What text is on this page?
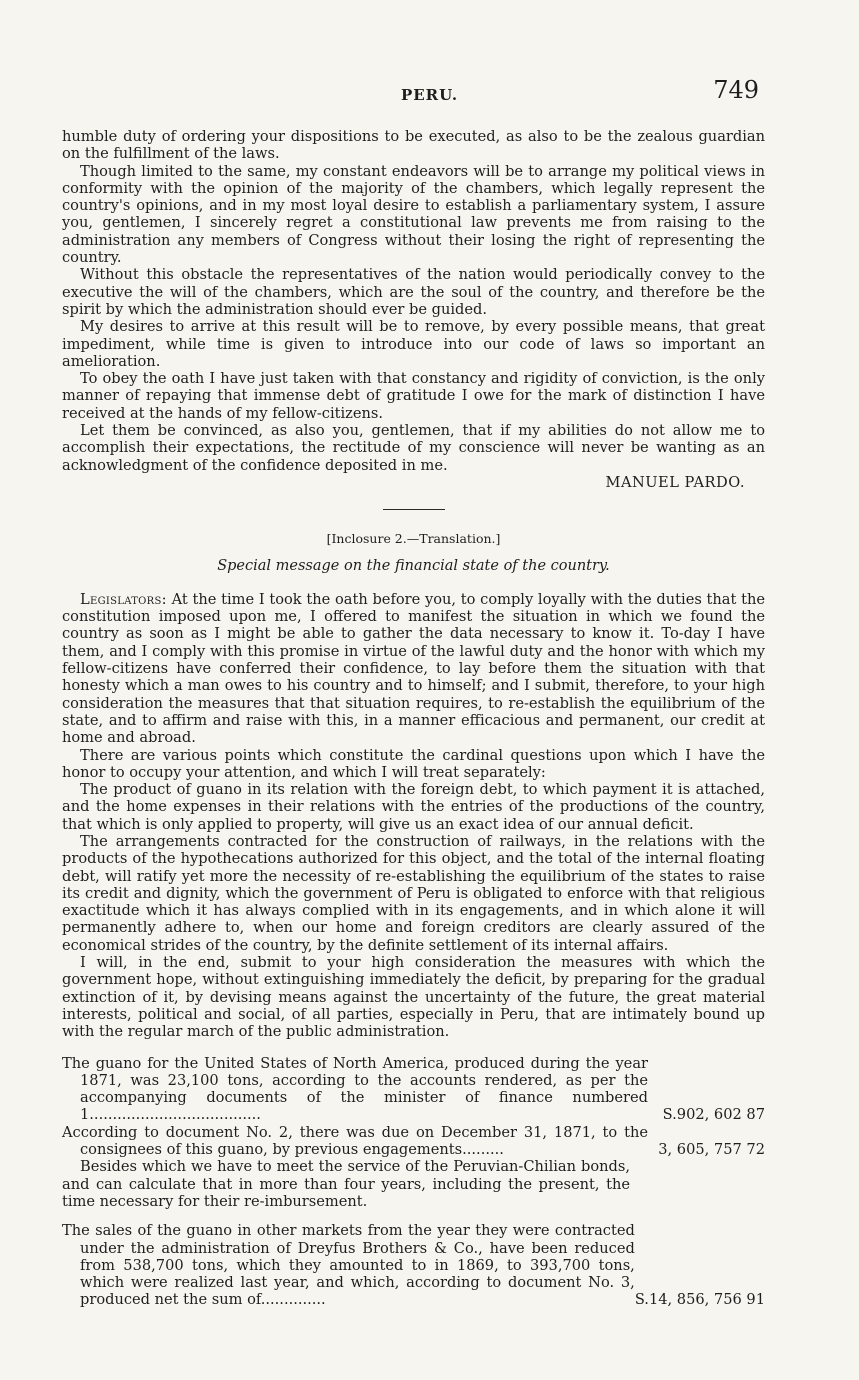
PERU.	749

humble duty of ordering your dispositions to be executed, as also to be the zealous guardian on the fulfillment of the laws.

Though limited to the same, my constant endeavors will be to arrange my political views in conformity with the opinion of the majority of the chambers, which legally represent the country's opinions, and in my most loyal desire to establish a parliamentary system, I assure you, gentlemen, I sincerely regret a constitutional law prevents me from raising to the administration any members of Congress without their losing the right of representing the country.

Without this obstacle the representatives of the nation would periodically convey to the executive the will of the chambers, which are the soul of the country, and therefore be the spirit by which the administration should ever be guided.

My desires to arrive at this result will be to remove, by every possible means, that great impediment, while time is given to introduce into our code of laws so important an amelioration.

To obey the oath I have just taken with that constancy and rigidity of conviction, is the only manner of repaying that immense debt of gratitude I owe for the mark of distinction I have received at the hands of my fellow-citizens.

Let them be convinced, as also you, gentlemen, that if my abilities do not allow me to accomplish their expectations, the rectitude of my conscience will never be wanting as an acknowledgment of the confidence deposited in me.

MANUEL PARDO.

[Inclosure 2.—Translation.]

Special message on the financial state of the country.

Legislators: At the time I took the oath before you, to comply loyally with the duties that the constitution imposed upon me, I offered to manifest the situation in which we found the country as soon as I might be able to gather the data necessary to know it. To-day I have them, and I comply with this promise in virtue of the lawful duty and the honor with which my fellow-citizens have conferred their confidence, to lay before them the situation with that honesty which a man owes to his country and to himself; and I submit, therefore, to your high consideration the measures that that situation requires, to re-establish the equilibrium of the state, and to affirm and raise with this, in a manner efficacious and permanent, our credit at home and abroad.

There are various points which constitute the cardinal questions upon which I have the honor to occupy your attention, and which I will treat separately:

The product of guano in its relation with the foreign debt, to which payment it is attached, and the home expenses in their relations with the entries of the productions of the country, that which is only applied to property, will give us an exact idea of our annual deficit.

The arrangements contracted for the construction of railways, in the relations with the products of the hypothecations authorized for this object, and the total of the internal floating debt, will ratify yet more the necessity of re-establishing the equilibrium of the states to raise its credit and dignity, which the government of Peru is obligated to enforce with that religious exactitude which it has always complied with in its engagements, and in which alone it will permanently adhere to, when our home and foreign creditors are clearly assured of the economical strides of the country, by the definite settlement of its internal affairs.

I will, in the end, submit to your high consideration the measures with which the government hope, without extinguishing immediately the deficit, by preparing for the gradual extinction of it, by devising means against the uncertainty of the future, the great material interests, political and social, of all parties, especially in Peru, that are intimately bound up with the regular march of the public administration.

The guano for the United States of North America, produced during the year 1871, was 23,100 tons, according to the accounts rendered, as per the accompanying documents of the minister of finance numbered 1.....................................	S.902, 602 87
According to document No. 2, there was due on December 31, 1871, to the consignees of this guano, by previous engagements.........	3, 605, 757 72

Besides which we have to meet the service of the Peruvian-Chilian bonds, and can calculate that in more than four years, including the present, the time necessary for their re-imbursement.

The sales of the guano in other markets from the year they were contracted under the administration of Dreyfus Brothers & Co., have been reduced from 538,700 tons, which they amounted to in 1869, to 393,700 tons, which were realized last year, and which, according to document No. 3, produced net the sum of..............	S.14, 856, 756 91
